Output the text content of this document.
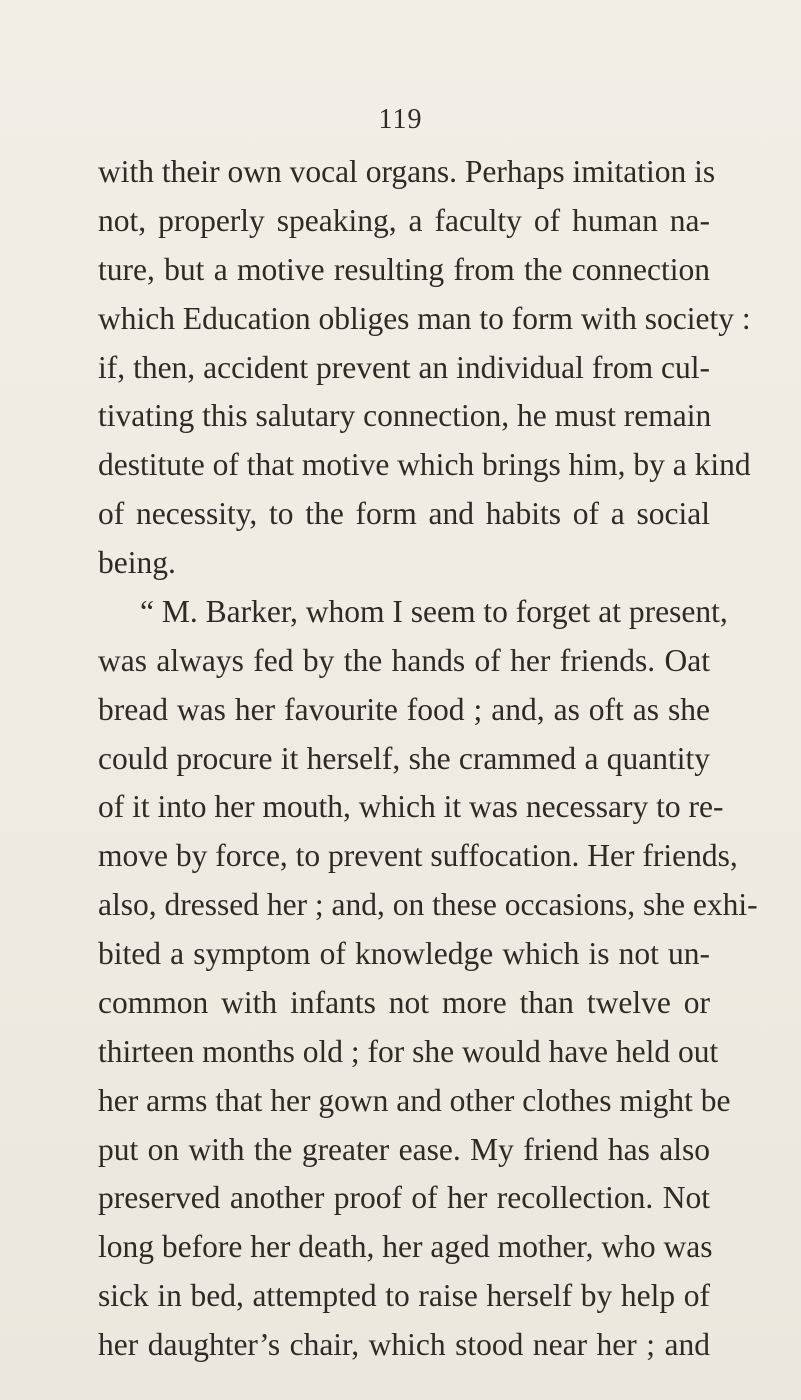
119
with their own vocal organs. Perhaps imitation is
not, properly speaking, a faculty of human na-
ture, but a motive resulting from the connection
which Education obliges man to form with society :
if, then, accident prevent an individual from cul-
tivating this salutary connection, he must remain
destitute of that motive which brings him, by a kind
of necessity, to the form and habits of a social
being.
“ M. Barker, whom I seem to forget at present,
was always fed by the hands of her friends. Oat
bread was her favourite food ; and, as oft as she
could procure it herself, she crammed a quantity
of it into her mouth, which it was necessary to re-
move by force, to prevent suffocation. Her friends,
also, dressed her ; and, on these occasions, she exhi-
bited a symptom of knowledge which is not un-
common with infants not more than twelve or
thirteen months old ; for she would have held out
her arms that her gown and other clothes might be
put on with the greater ease. My friend has also
preserved another proof of her recollection. Not
long before her death, her aged mother, who was
sick in bed, attempted to raise herself by help of
her daughter’s chair, which stood near her ; and
